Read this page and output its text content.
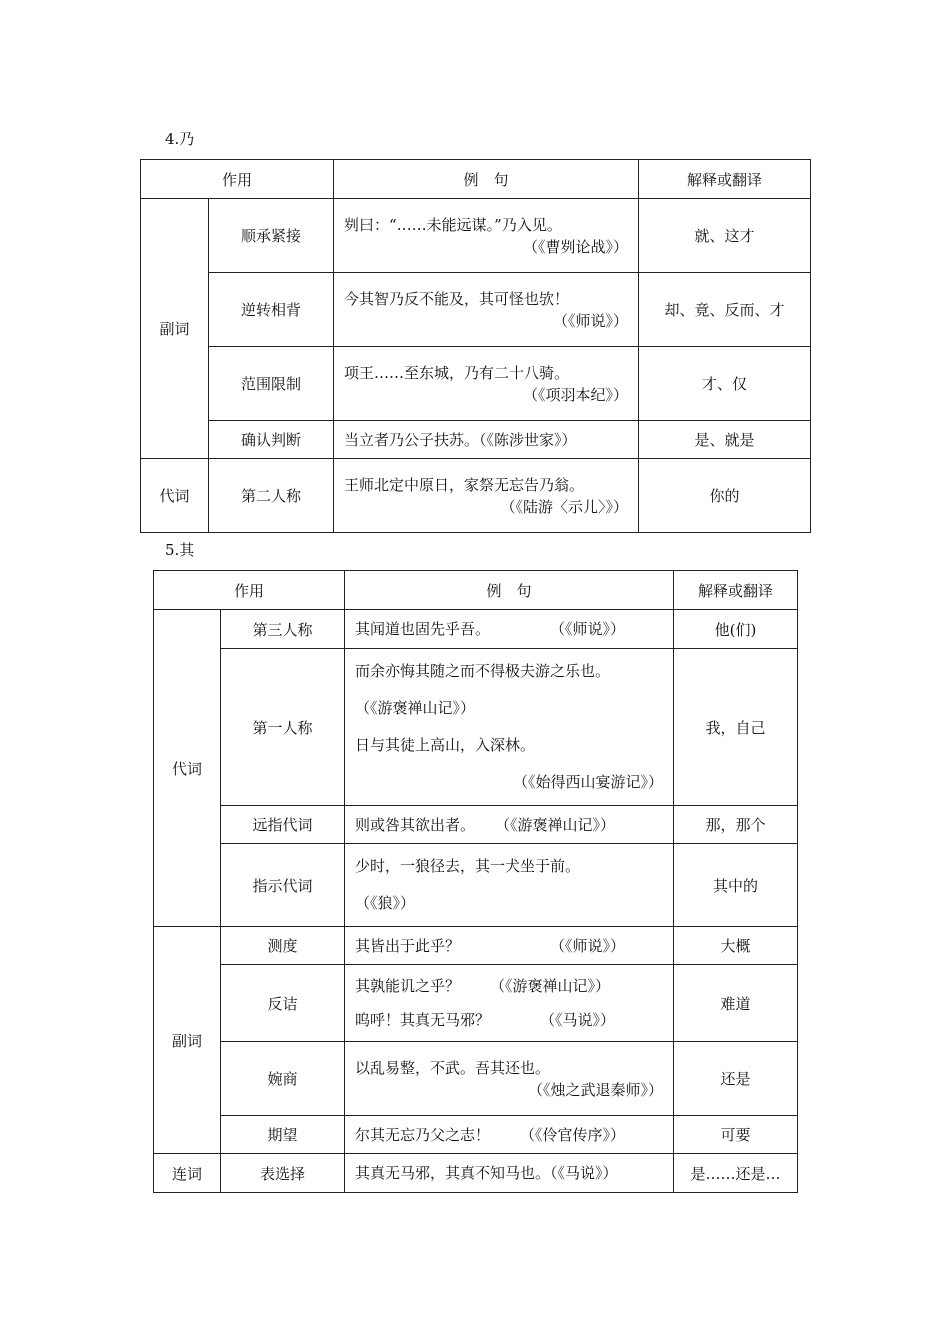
4.乃
作用		例　句	解释或翻译
副词	顺承紧接	刿曰：“……未能远谋。”乃入见。
（《曹刿论战》）	就、这才
	逆转相背	今其智乃反不能及，其可怪也欤！
（《师说》）	却、竟、反而、才
	范围限制	项王……至东城，乃有二十八骑。
（《项羽本纪》）	才、仅
	确认判断	当立者乃公子扶苏。（《陈涉世家》）	是、就是
代词	第二人称	王师北定中原日，家祭无忘告乃翁。
（《陆游〈示儿〉》）	你的
5.其
作用		例　句	解释或翻译
代词	第三人称	其闻道也固先乎吾。 （《师说》）	他(们)
	第一人称	而余亦悔其随之而不得极夫游之乐也。
（《游褒禅山记》）
日与其徒上高山，入深林。
（《始得西山宴游记》）	我，自己
	远指代词	则或咎其欲出者。 （《游褒禅山记》）	那，那个
	指示代词	少时，一狼径去，其一犬坐于前。
（《狼》）	其中的
副词	测度	其皆出于此乎？ （《师说》）	大概
	反诘	其孰能讥之乎？ （《游褒禅山记》）
呜呼！其真无马邪？ （《马说》）	难道
	婉商	以乱易整，不武。吾其还也。
（《烛之武退秦师》）	还是
	期望	尔其无忘乃父之志！ （《伶官传序》）	可要
连词	表选择	其真无马邪，其真不知马也。（《马说》）	是……还是…
